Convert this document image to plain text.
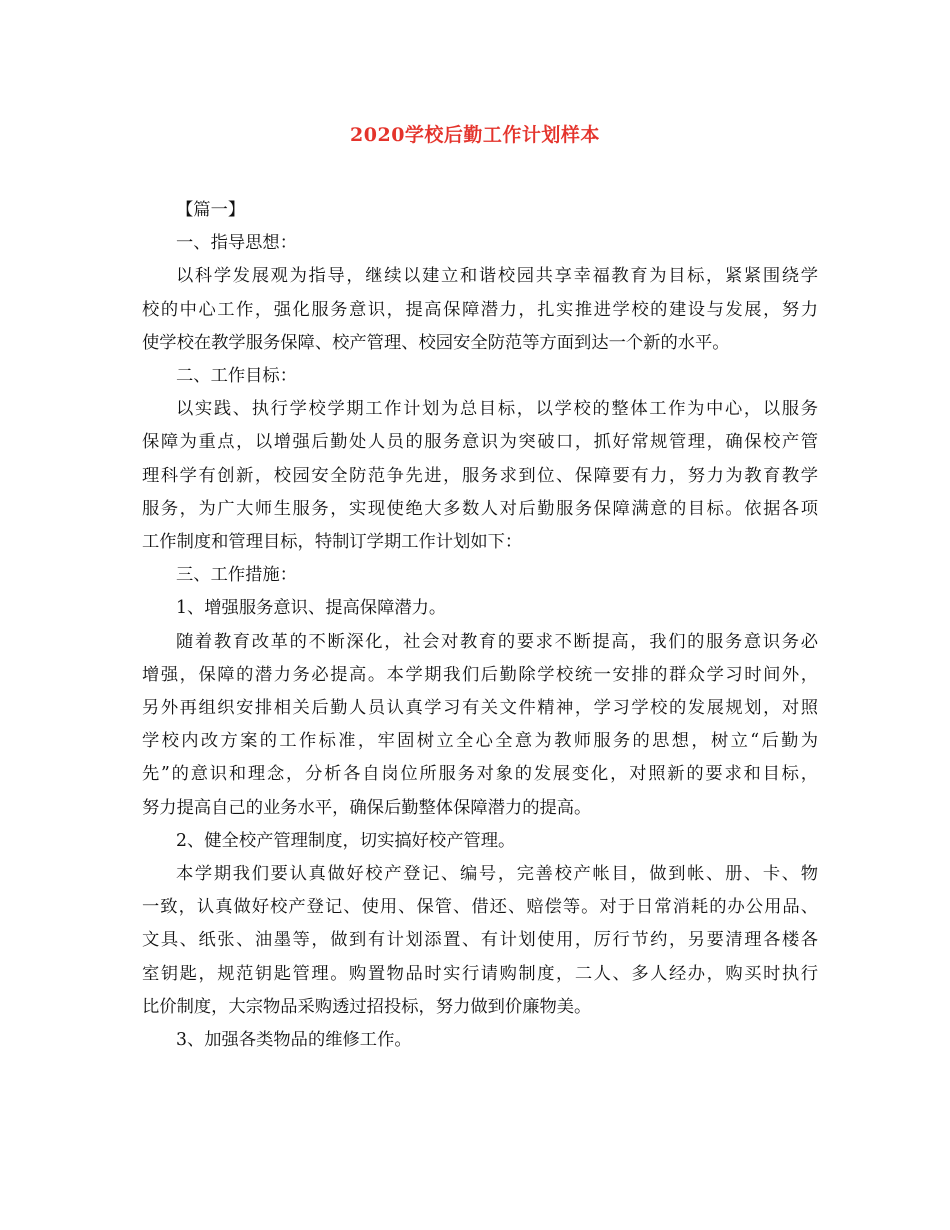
2020学校后勤工作计划样本
【篇一】
一、指导思想：
以科学发展观为指导，继续以建立和谐校园共享幸福教育为目标，紧紧围绕学
校的中心工作，强化服务意识，提高保障潜力，扎实推进学校的建设与发展，努力
使学校在教学服务保障、校产管理、校园安全防范等方面到达一个新的水平。
二、工作目标：
以实践、执行学校学期工作计划为总目标，以学校的整体工作为中心，以服务
保障为重点，以增强后勤处人员的服务意识为突破口，抓好常规管理，确保校产管
理科学有创新，校园安全防范争先进，服务求到位、保障要有力，努力为教育教学
服务，为广大师生服务，实现使绝大多数人对后勤服务保障满意的目标。依据各项
工作制度和管理目标，特制订学期工作计划如下：
三、工作措施：
1、增强服务意识、提高保障潜力。
随着教育改革的不断深化，社会对教育的要求不断提高，我们的服务意识务必
增强，保障的潜力务必提高。本学期我们后勤除学校统一安排的群众学习时间外，
另外再组织安排相关后勤人员认真学习有关文件精神，学习学校的发展规划，对照
学校内改方案的工作标准，牢固树立全心全意为教师服务的思想，树立“后勤为
先”的意识和理念，分析各自岗位所服务对象的发展变化，对照新的要求和目标，
努力提高自己的业务水平，确保后勤整体保障潜力的提高。
2、健全校产管理制度，切实搞好校产管理。
本学期我们要认真做好校产登记、编号，完善校产帐目，做到帐、册、卡、物
一致，认真做好校产登记、使用、保管、借还、赔偿等。对于日常消耗的办公用品、
文具、纸张、油墨等，做到有计划添置、有计划使用，厉行节约，另要清理各楼各
室钥匙，规范钥匙管理。购置物品时实行请购制度，二人、多人经办，购买时执行
比价制度，大宗物品采购透过招投标，努力做到价廉物美。
3、加强各类物品的维修工作。
